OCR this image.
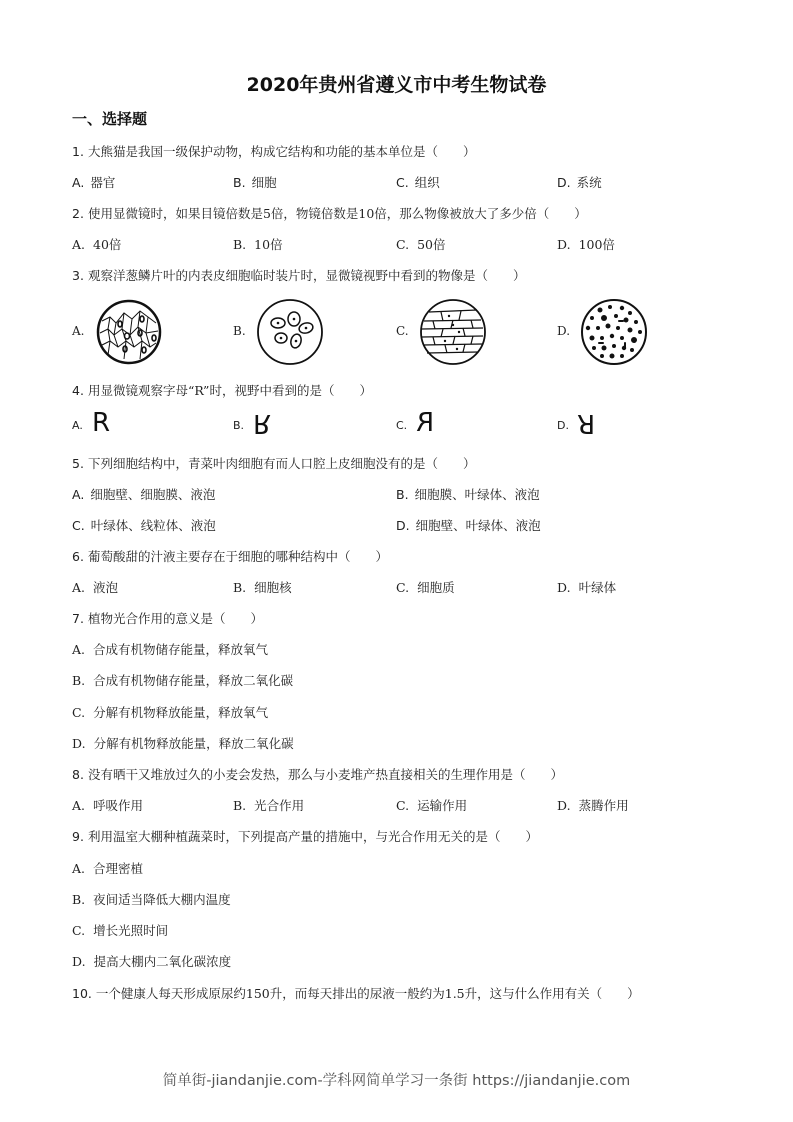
2020年贵州省遵义市中考生物试卷
一、选择题
1. 大熊猫是我国一级保护动物，构成它结构和功能的基本单位是（　　）
A. 器官	B. 细胞	C. 组织	D. 系统
2. 使用显微镜时，如果目镜倍数是5倍，物镜倍数是10倍，那么物像被放大了多少倍（　　）
A. 40倍	B. 10倍	C. 50倍	D. 100倍
3. 观察洋葱鳞片叶的内表皮细胞临时装片时，显微镜视野中看到的物像是（　　）
A.	B.	C.	D.
4. 用显微镜观察字母“R”时，视野中看到的是（　　）
A. R	B. R	C. R	D. R
5. 下列细胞结构中，青菜叶肉细胞有而人口腔上皮细胞没有的是（　　）
A. 细胞壁、细胞膜、液泡	B. 细胞膜、叶绿体、液泡
C. 叶绿体、线粒体、液泡	D. 细胞壁、叶绿体、液泡
6. 葡萄酸甜的汁液主要存在于细胞的哪种结构中（　　）
A. 液泡	B. 细胞核	C. 细胞质	D. 叶绿体
7. 植物光合作用的意义是（　　）
A. 合成有机物储存能量，释放氧气
B. 合成有机物储存能量，释放二氧化碳
C. 分解有机物释放能量，释放氧气
D. 分解有机物释放能量，释放二氧化碳
8. 没有晒干又堆放过久的小麦会发热，那么与小麦堆产热直接相关的生理作用是（　　）
A. 呼吸作用	B. 光合作用	C. 运输作用	D. 蒸腾作用
9. 利用温室大棚种植蔬菜时，下列提高产量的措施中，与光合作用无关的是（　　）
A. 合理密植
B. 夜间适当降低大棚内温度
C. 增长光照时间
D. 提高大棚内二氧化碳浓度
10. 一个健康人每天形成原尿约150升，而每天排出的尿液一般约为1.5升，这与什么作用有关（　　）
简单街-jiandanjie.com-学科网简单学习一条街 https://jiandanjie.com
